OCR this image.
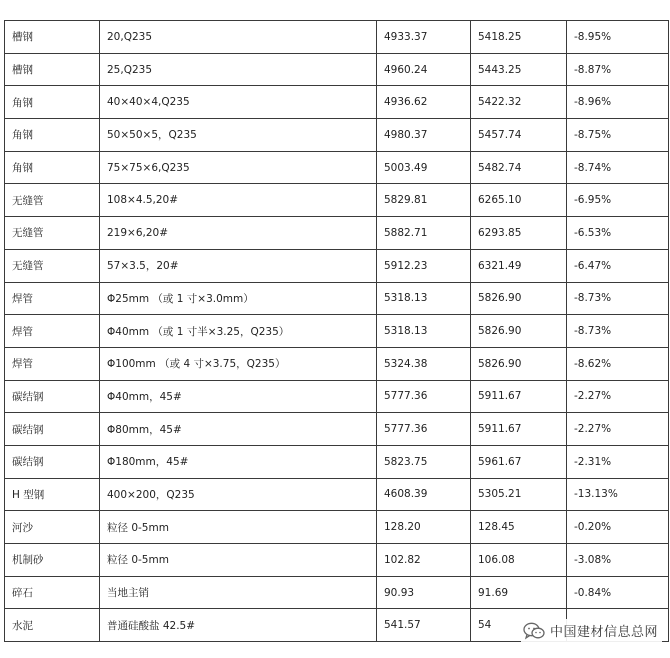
槽钢	20,Q235	4933.37	5418.25	-8.95%
槽钢	25,Q235	4960.24	5443.25	-8.87%
角钢	40×40×4,Q235	4936.62	5422.32	-8.96%
角钢	50×50×5，Q235	4980.37	5457.74	-8.75%
角钢	75×75×6,Q235	5003.49	5482.74	-8.74%
无缝管	108×4.5,20#	5829.81	6265.10	-6.95%
无缝管	219×6,20#	5882.71	6293.85	-6.53%
无缝管	57×3.5，20#	5912.23	6321.49	-6.47%
焊管	Φ25mm （或 1 寸×3.0mm）	5318.13	5826.90	-8.73%
焊管	Φ40mm （或 1 寸半×3.25，Q235）	5318.13	5826.90	-8.73%
焊管	Φ100mm （或 4 寸×3.75，Q235）	5324.38	5826.90	-8.62%
碳结钢	Φ40mm，45#	5777.36	5911.67	-2.27%
碳结钢	Φ80mm，45#	5777.36	5911.67	-2.27%
碳结钢	Φ180mm，45#	5823.75	5961.67	-2.31%
H 型钢	400×200，Q235	4608.39	5305.21	-13.13%
河沙	粒径 0-5mm	128.20	128.45	-0.20%
机制砂	粒径 0-5mm	102.82	106.08	-3.08%
碎石	当地主销	90.93	91.69	-0.84%
水泥	普通硅酸盐 42.5#	541.57	54		中国建材信息总网
